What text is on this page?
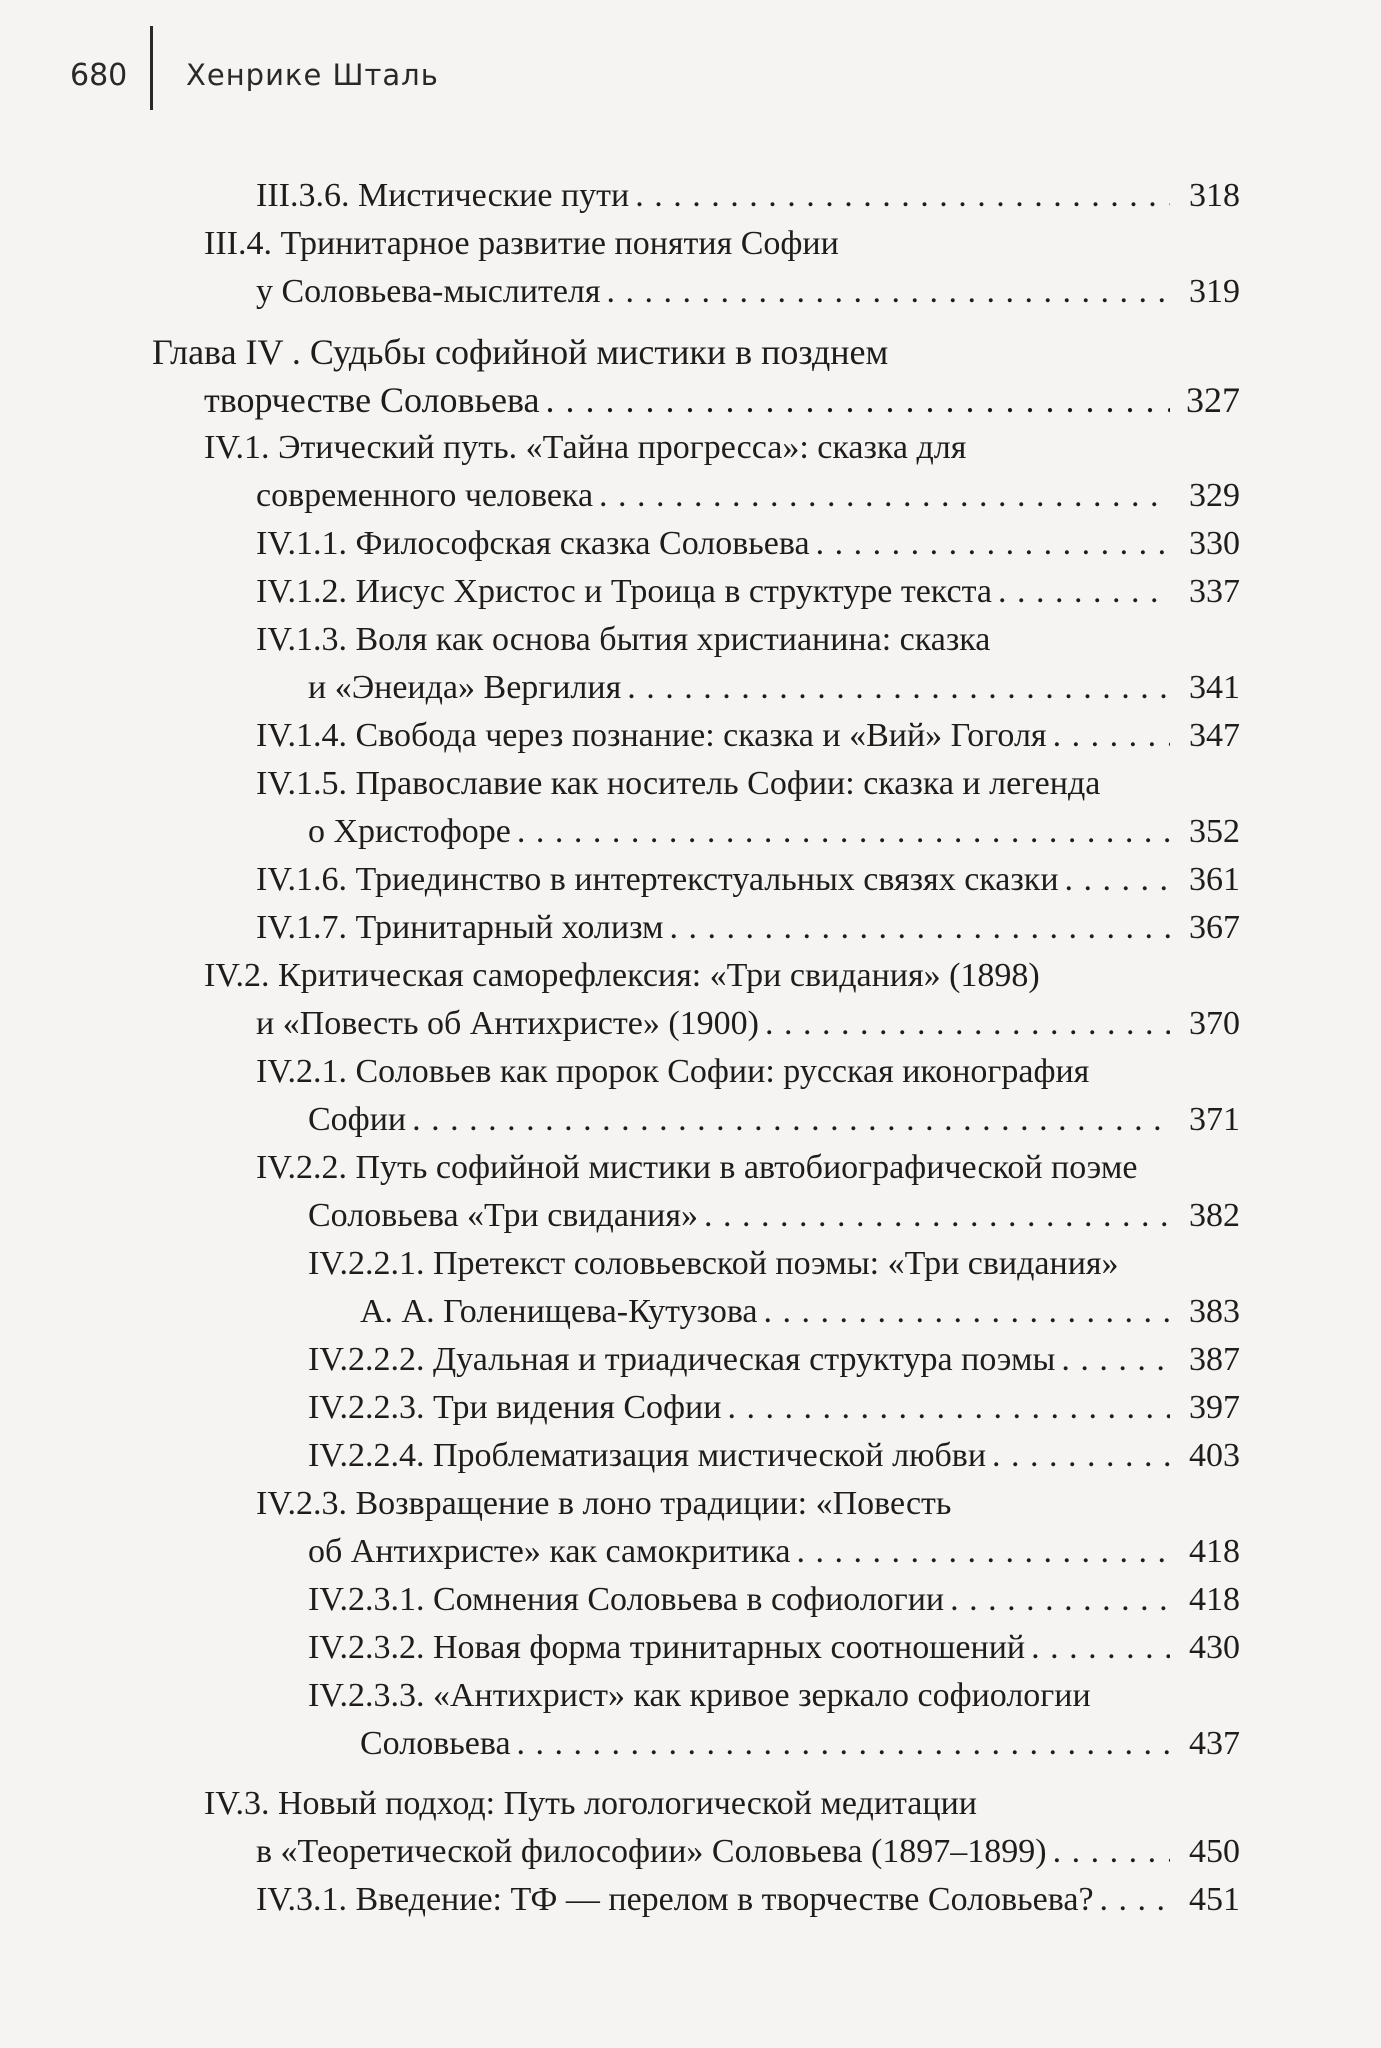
680 Хенрике Шталь
III.3.6. Мистические пути . . .	318
III.4. Тринитарное развитие понятия Софии
у Соловьева-мыслителя . . .	319
Глава IV . Судьбы софийной мистики в позднем
творчестве Соловьева . . .	327
IV.1. Этический путь. «Тайна прогресса»: сказка для
современного человека . . .	329
IV.1.1. Философская сказка Соловьева . . .	330
IV.1.2. Иисус Христос и Троица в структуре текста . . .	337
IV.1.3. Воля как основа бытия христианина: сказка
и «Энеида» Вергилия . . .	341
IV.1.4. Свобода через познание: сказка и «Вий» Гоголя . . .	347
IV.1.5. Православие как носитель Софии: сказка и легенда
о Христофоре . . .	352
IV.1.6. Триединство в интертекстуальных связях сказки . . .	361
IV.1.7. Тринитарный холизм . . .	367
IV.2. Критическая саморефлексия: «Три свидания» (1898)
и «Повесть об Антихристе» (1900) . . .	370
IV.2.1. Соловьев как пророк Софии: русская иконография
Софии . . .	371
IV.2.2. Путь софийной мистики в автобиографической поэме
Соловьева «Три свидания» . . .	382
IV.2.2.1. Претекст соловьевской поэмы: «Три свидания»
А. А. Голенищева-Кутузова . . .	383
IV.2.2.2. Дуальная и триадическая структура поэмы . . .	387
IV.2.2.3. Три видения Софии . . .	397
IV.2.2.4. Проблематизация мистической любви . . .	403
IV.2.3. Возвращение в лоно традиции: «Повесть
об Антихристе» как самокритика . . .	418
IV.2.3.1. Сомнения Соловьева в софиологии . . .	418
IV.2.3.2. Новая форма тринитарных соотношений . . .	430
IV.2.3.3. «Антихрист» как кривое зеркало софиологии
Соловьева . . .	437
IV.3. Новый подход: Путь логологической медитации
в «Теоретической философии» Соловьева (1897–1899) . . .	450
IV.3.1. Введение: ТФ — перелом в творчестве Соловьева? . . .	451
